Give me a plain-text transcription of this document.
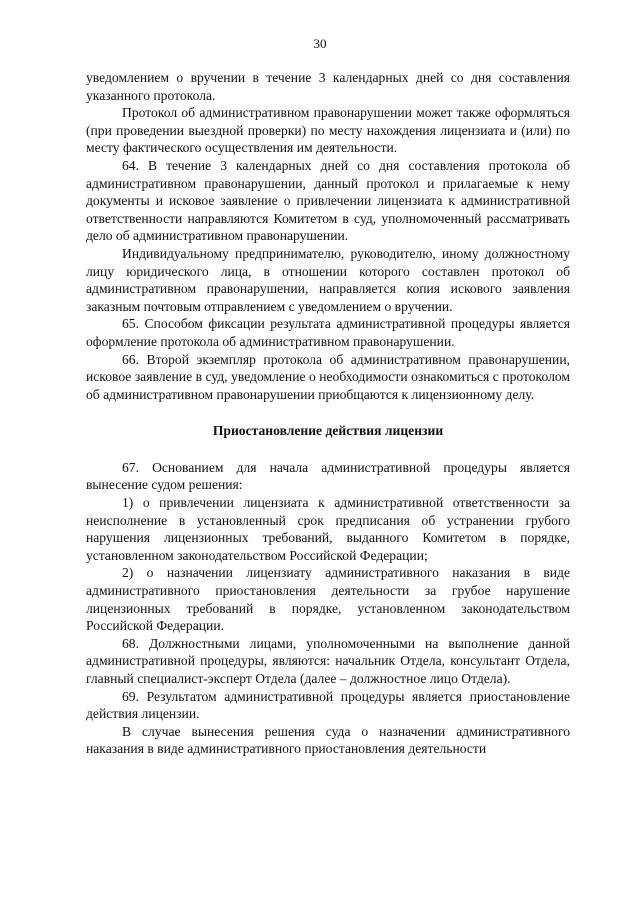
30

уведомлением о вручении в течение 3 календарных дней со дня составления указанного протокола.

Протокол об административном правонарушении может также оформляться (при проведении выездной проверки) по месту нахождения лицензиата и (или) по месту фактического осуществления им деятельности.

64. В течение 3 календарных дней со дня составления протокола об административном правонарушении, данный протокол и прилагаемые к нему документы и исковое заявление о привлечении лицензиата к административной ответственности направляются Комитетом в суд, уполномоченный рассматривать дело об административном правонарушении.

Индивидуальному предпринимателю, руководителю, иному должностному лицу юридического лица, в отношении которого составлен протокол об административном правонарушении, направляется копия искового заявления заказным почтовым отправлением с уведомлением о вручении.

65. Способом фиксации результата административной процедуры является оформление протокола об административном правонарушении.

66. Второй экземпляр протокола об административном правонарушении, исковое заявление в суд, уведомление о необходимости ознакомиться с протоколом об административном правонарушении приобщаются к лицензионному делу.

Приостановление действия лицензии

67. Основанием для начала административной процедуры является вынесение судом решения:

1) о привлечении лицензиата к административной ответственности за неисполнение в установленный срок предписания об устранении грубого нарушения лицензионных требований, выданного Комитетом в порядке, установленном законодательством Российской Федерации;

2) о назначении лицензиату административного наказания в виде административного приостановления деятельности за грубое нарушение лицензионных требований в порядке, установленном законодательством Российской Федерации.

68. Должностными лицами, уполномоченными на выполнение данной административной процедуры, являются: начальник Отдела, консультант Отдела, главный специалист-эксперт Отдела (далее – должностное лицо Отдела).

69. Результатом административной процедуры является приостановление действия лицензии.

В случае вынесения решения суда о назначении административного наказания в виде административного приостановления деятельности
